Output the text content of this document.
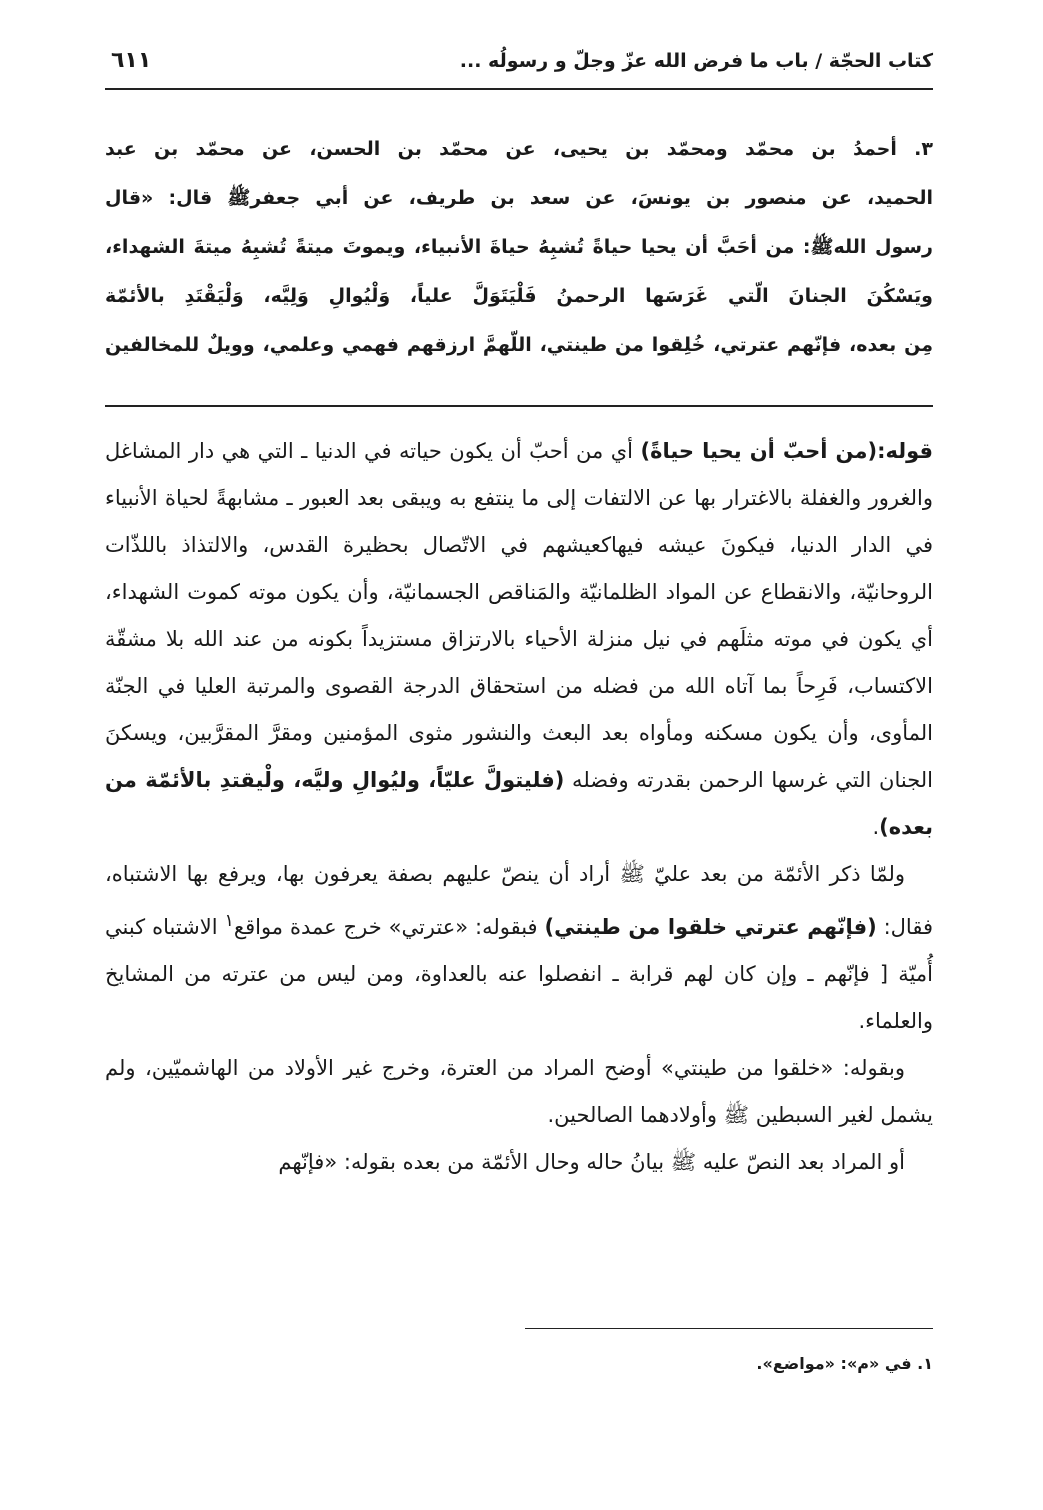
كتاب الحجّة / باب ما فرض الله عزّ وجلّ و رسولُه ...
٦١١

٣. أحمدُ بن محمّد ومحمّد بن يحيى، عن محمّد بن الحسن، عن محمّد بن عبد

الحميد، عن منصور بن يونسَ، عن سعد بن طريف، عن أبي جعفرﷺ قال: «قال

رسول اللهﷺ: من أحَبَّ أن يحيا حياةً تُشبِهُ حياةَ الأنبياء، ويموتَ ميتةً تُشبِهُ ميتةَ الشهداء،

ويَسْكُنَ الجنانَ الّتي غَرَسَها الرحمنُ فَلْيَتَوَلَّ علياً، وَلْيُوالِ وَلِيَّه، وَلْيَقْتَدِ بالأئمّة

مِن بعده، فإنّهم عترتي، خُلِقوا من طينتي، اللّهمَّ ارزقهم فهمي وعلمي، وويلٌ للمخالفين

قوله:(من أحبّ أن يحيا حياةً) أي من أحبّ أن يكون حياته في الدنيا ـ التي هي دار المشاغل والغرور والغفلة بالاغترار بها عن الالتفات إلى ما ينتفع به ويبقى بعد العبور ـ مشابهةً لحياة الأنبياء في الدار الدنيا، فيكونَ عيشه فيهاكعيشهم في الاتّصال بحظيرة القدس، والالتذاذ باللذّات الروحانيّة، والانقطاع عن المواد الظلمانيّة والمَناقص الجسمانيّة، وأن يكون موته كموت الشهداء، أي يكون في موته مثلَهم في نيل منزلة الأحياء بالارتزاق مستزيداً بكونه من عند الله بلا مشقّة الاكتساب، فَرِحاً بما آتاه الله من فضله من استحقاق الدرجة القصوى والمرتبة العليا في الجنّة المأوى، وأن يكون مسكنه ومأواه بعد البعث والنشور مثوى المؤمنين ومقرَّ المقرَّبين، ويسكنَ الجنان التي غرسها الرحمن بقدرته وفضله (فليتولَّ عليّاً، وليُوالِ وليَّه، ولْيقتدِ بالأئمّة من بعده).

ولمّا ذكر الأئمّة من بعد عليّ ﷺ أراد أن ينصّ عليهم بصفة يعرفون بها، ويرفع بها الاشتباه، فقال: (فإنّهم عترتي خلقوا من طينتي) فبقوله: «عترتي» خرج عمدة مواقع$^١$ الاشتباه كبني أُميّة [ فإنّهم ـ وإن كان لهم قرابة ـ انفصلوا عنه بالعداوة، ومن ليس من عترته من المشايخ والعلماء.

وبقوله: «خلقوا من طينتي» أوضح المراد من العترة، وخرج غير الأولاد من الهاشميّين، ولم يشمل لغير السبطين ﷺ وأولادهما الصالحين.

أو المراد بعد النصّ عليه ﷺ بيانُ حاله وحال الأئمّة من بعده بقوله: «فإنّهم

١. في «م»: «مواضع».
